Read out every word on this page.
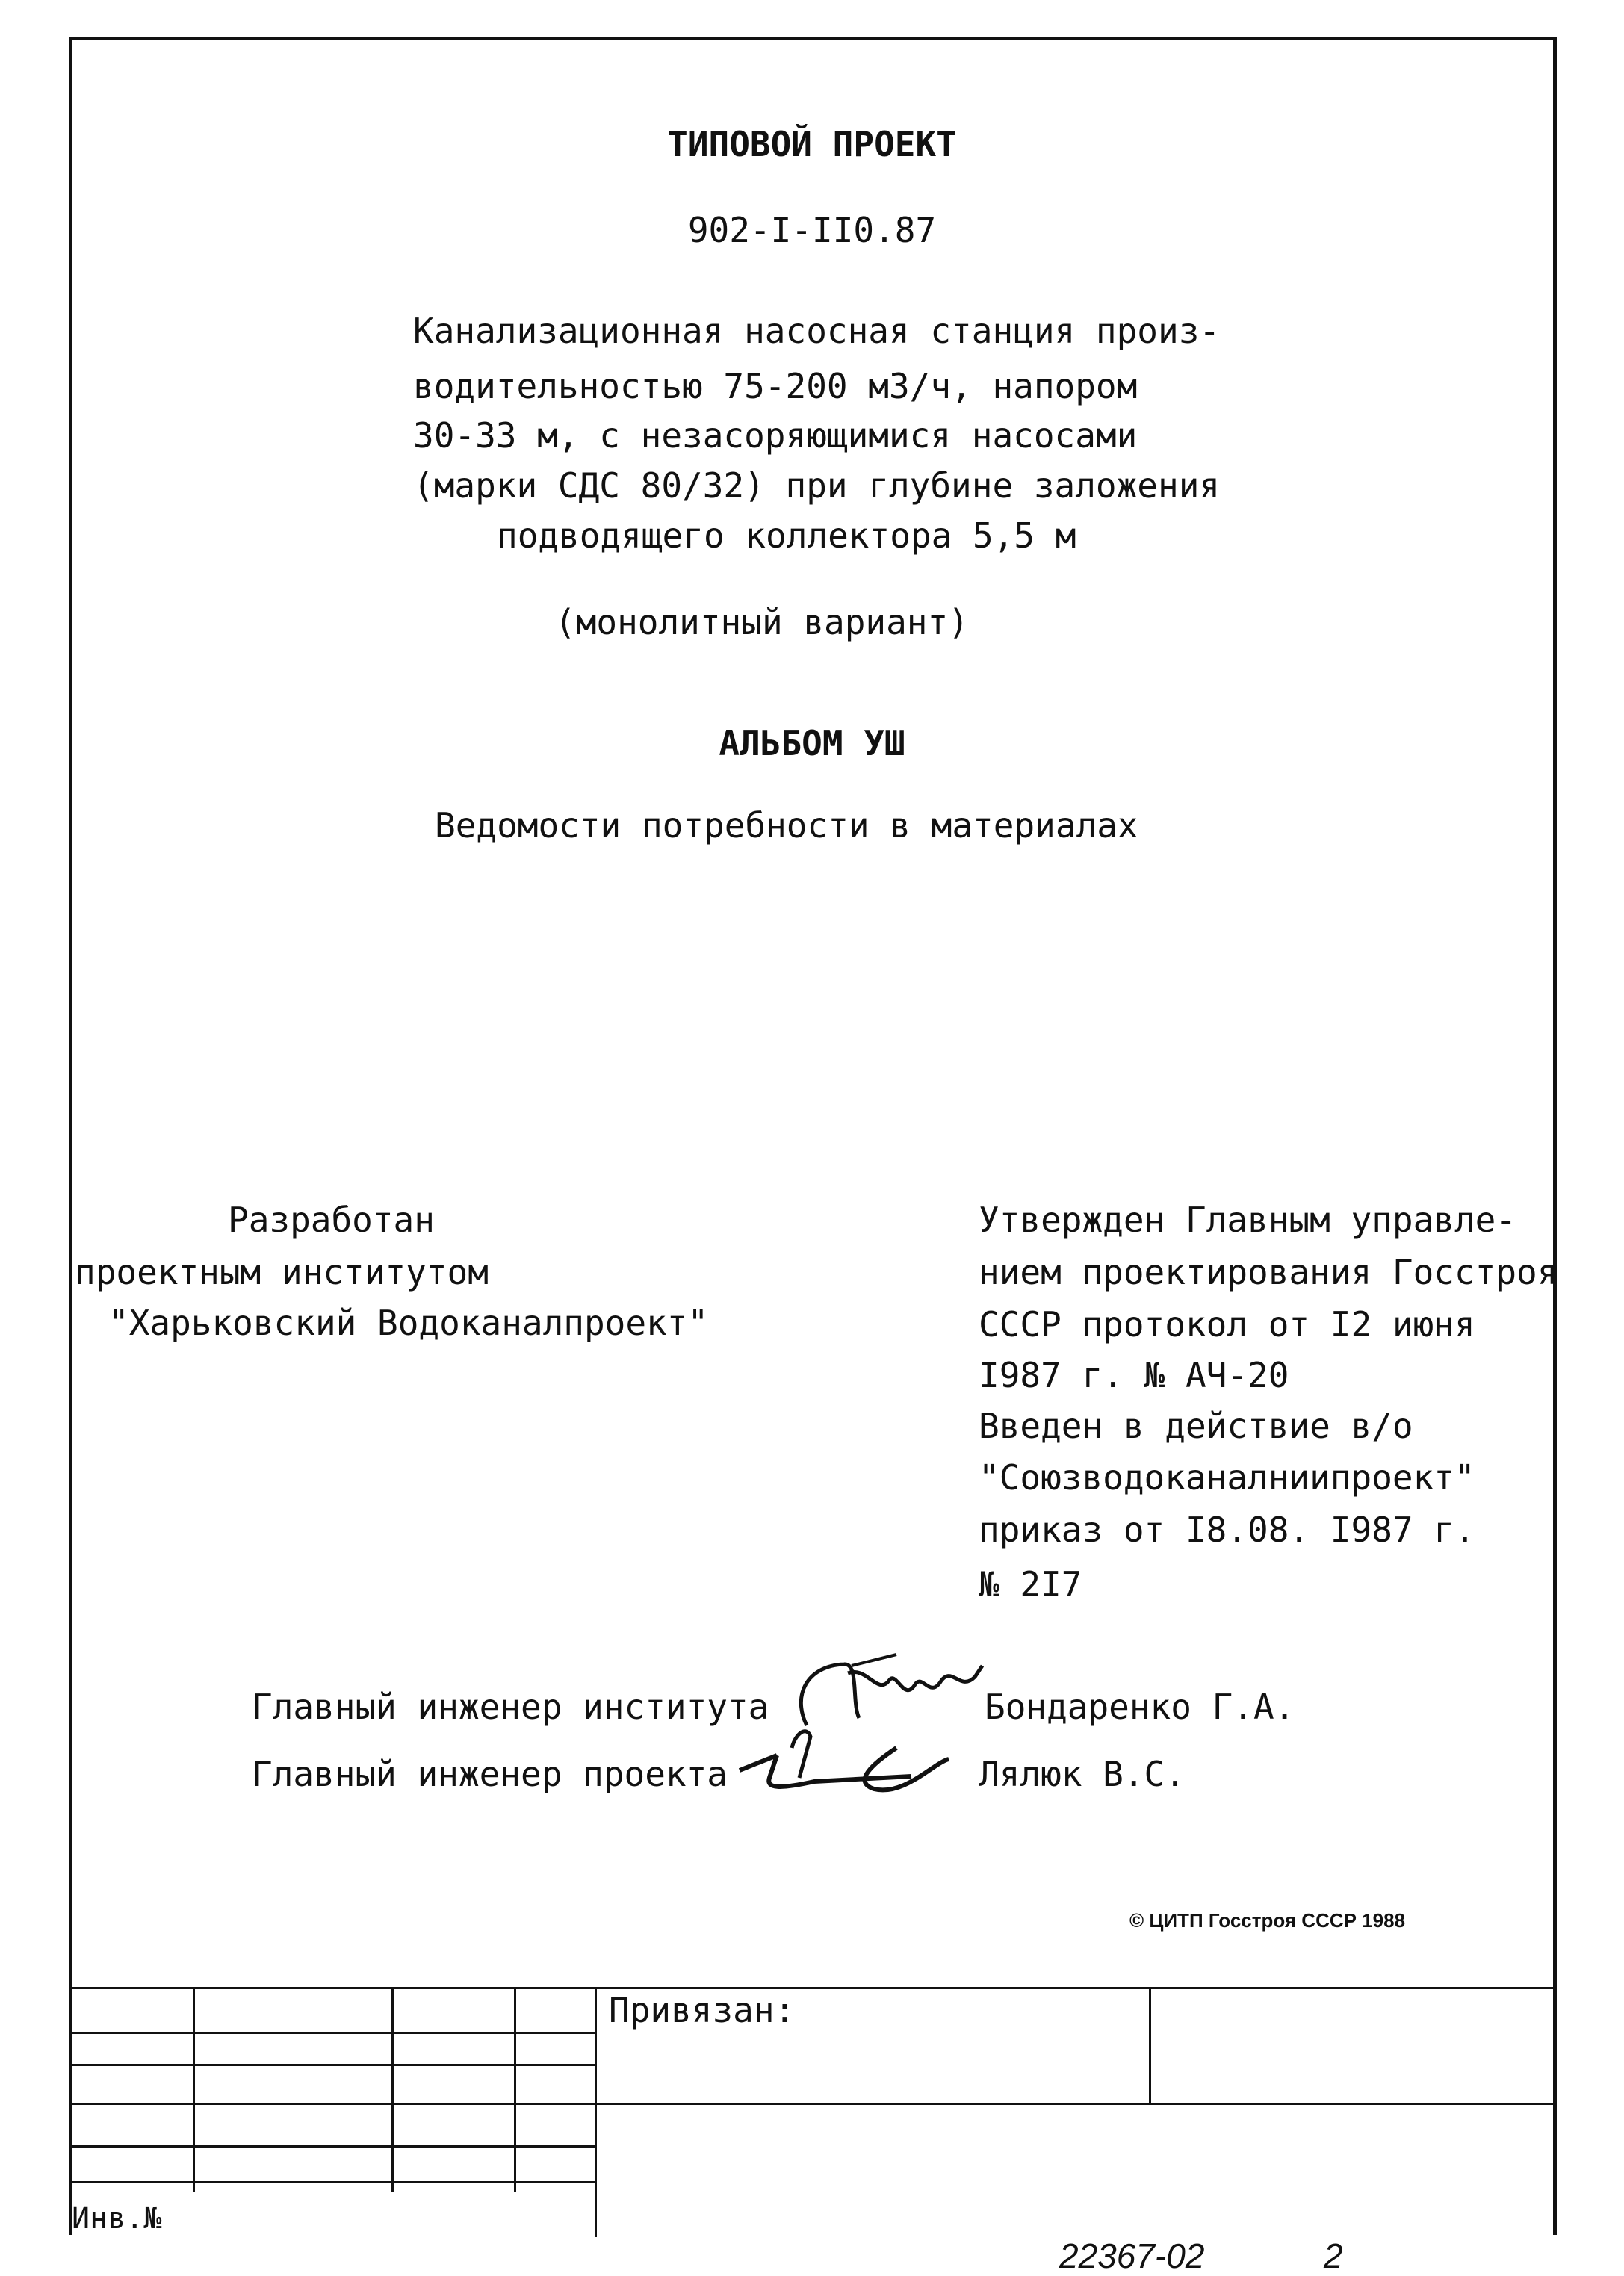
ТИПОВОЙ ПРОЕКТ
902-I-II0.87
Канализационная насосная станция произ-
водительностью 75-200 м3/ч, напором
30-33 м, с незасоряющимися насосами
(марки СДС 80/32) при глубине заложения
подводящего коллектора 5,5 м
(монолитный вариант)
АЛЬБОМ УШ
Ведомости потребности в материалах
Разработан
проектным институтом
"Харьковский Водоканалпроект"
Утвержден Главным управле-
нием проектирования Госстроя
СССР протокол от I2 июня
I987 г. № АЧ-20
Введен в действие в/о
"Союзводоканалниипроект"
приказ от I8.08. I987 г.
№ 2I7
Главный инженер института	Бондаренко Г.А.
Главный инженер проекта	Лялюк В.С.
© ЦИТП Госстроя СССР 1988
Привязан:
Инв.№
22367-02	2
